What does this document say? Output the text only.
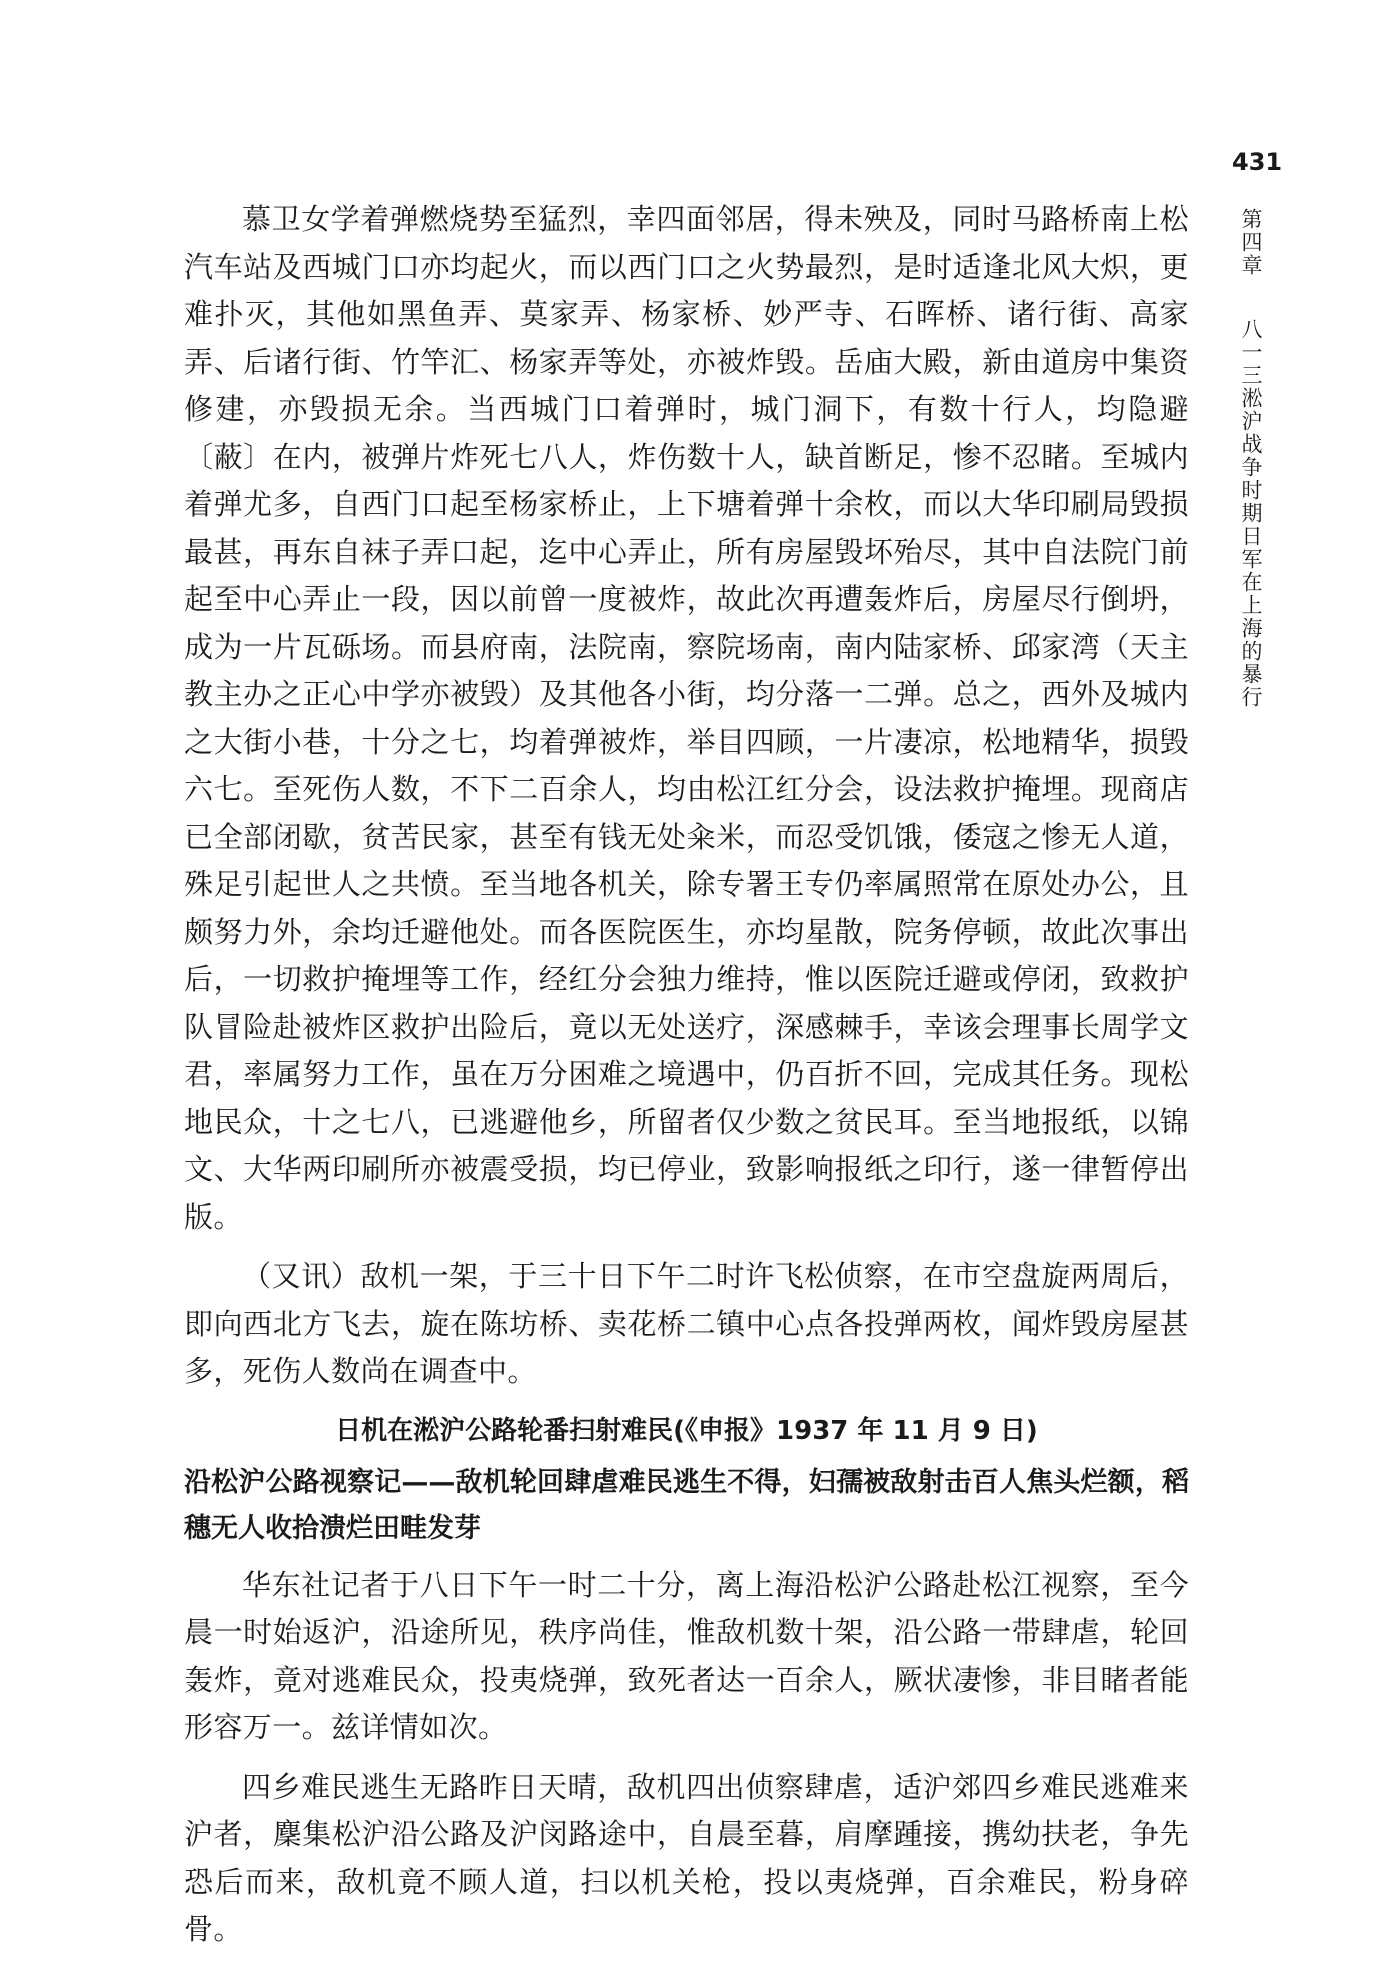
431
第四章  八一三淞沪战争时期日军在上海的暴行

慕卫女学着弹燃烧势至猛烈，幸四面邻居，得未殃及，同时马路桥南上松汽车站及西城门口亦均起火，而以西门口之火势最烈，是时适逢北风大炽，更难扑灭，其他如黑鱼弄、莫家弄、杨家桥、妙严寺、石晖桥、诸行街、高家弄、后诸行街、竹竿汇、杨家弄等处，亦被炸毁。岳庙大殿，新由道房中集资修建，亦毁损无余。当西城门口着弹时，城门洞下，有数十行人，均隐避〔蔽〕在内，被弹片炸死七八人，炸伤数十人，缺首断足，惨不忍睹。至城内着弹尤多，自西门口起至杨家桥止，上下塘着弹十余枚，而以大华印刷局毁损最甚，再东自袜子弄口起，迄中心弄止，所有房屋毁坏殆尽，其中自法院门前起至中心弄止一段，因以前曾一度被炸，故此次再遭轰炸后，房屋尽行倒坍，成为一片瓦砾场。而县府南，法院南，察院场南，南内陆家桥、邱家湾（天主教主办之正心中学亦被毁）及其他各小街，均分落一二弹。总之，西外及城内之大街小巷，十分之七，均着弹被炸，举目四顾，一片凄凉，松地精华，损毁六七。至死伤人数，不下二百余人，均由松江红分会，设法救护掩埋。现商店已全部闭歇，贫苦民家，甚至有钱无处籴米，而忍受饥饿，倭寇之惨无人道，殊足引起世人之共愤。至当地各机关，除专署王专仍率属照常在原处办公，且颇努力外，余均迁避他处。而各医院医生，亦均星散，院务停顿，故此次事出后，一切救护掩埋等工作，经红分会独力维持，惟以医院迁避或停闭，致救护队冒险赴被炸区救护出险后，竟以无处送疗，深感棘手，幸该会理事长周学文君，率属努力工作，虽在万分困难之境遇中，仍百折不回，完成其任务。现松地民众，十之七八，已逃避他乡，所留者仅少数之贫民耳。至当地报纸，以锦文、大华两印刷所亦被震受损，均已停业，致影响报纸之印行，遂一律暂停出版。

（又讯）敌机一架，于三十日下午二时许飞松侦察，在市空盘旋两周后，即向西北方飞去，旋在陈坊桥、卖花桥二镇中心点各投弹两枚，闻炸毁房屋甚多，死伤人数尚在调查中。

日机在淞沪公路轮番扫射难民(《申报》1937 年 11 月 9 日)
沿松沪公路视察记——敌机轮回肆虐难民逃生不得，妇孺被敌射击百人焦头烂额，稻穗无人收拾溃烂田畦发芽

华东社记者于八日下午一时二十分，离上海沿松沪公路赴松江视察，至今晨一时始返沪，沿途所见，秩序尚佳，惟敌机数十架，沿公路一带肆虐，轮回轰炸，竟对逃难民众，投夷烧弹，致死者达一百余人，厥状凄惨，非目睹者能形容万一。兹详情如次。

四乡难民逃生无路昨日天晴，敌机四出侦察肆虐，适沪郊四乡难民逃难来沪者，麇集松沪沿公路及沪闵路途中，自晨至暮，肩摩踵接，携幼扶老，争先恐后而来，敌机竟不顾人道，扫以机关枪，投以夷烧弹，百余难民，粉身碎骨。
